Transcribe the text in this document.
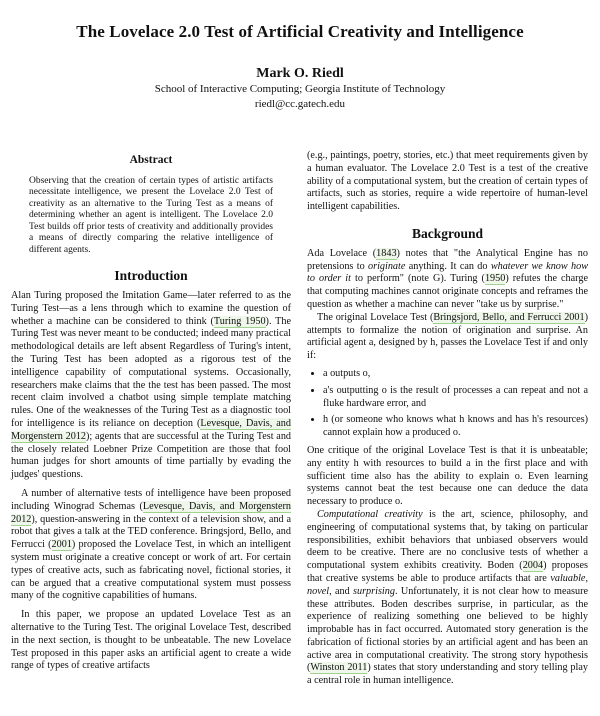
The Lovelace 2.0 Test of Artificial Creativity and Intelligence
Mark O. Riedl
School of Interactive Computing; Georgia Institute of Technology
riedl@cc.gatech.edu
Abstract

Observing that the creation of certain types of artistic artifacts necessitate intelligence, we present the Lovelace 2.0 Test of creativity as an alternative to the Turing Test as a means of determining whether an agent is intelligent. The Lovelace 2.0 Test builds off prior tests of creativity and additionally provides a means of directly comparing the relative intelligence of different agents.

Introduction

Alan Turing proposed the Imitation Game—later referred to as the Turing Test—as a lens through which to examine the question of whether a machine can be considered to think (Turing 1950). The Turing Test was never meant to be conducted; indeed many practical methodological details are left absent Regardless of Turing's intent, the Turing Test has been adopted as a rigorous test of the intelligence capability of computational systems. Occasionally, researchers make claims that the the test has been passed. The most recent claim involved a chatbot using simple template matching rules. One of the weaknesses of the Turing Test as a diagnostic tool for intelligence is its reliance on deception (Levesque, Davis, and Morgenstern 2012); agents that are successful at the Turing Test and the closely related Loebner Prize Competition are those that fool human judges for short amounts of time partially by evading the judges' questions.

A number of alternative tests of intelligence have been proposed including Winograd Schemas (Levesque, Davis, and Morgenstern 2012), question-answering in the context of a television show, and a robot that gives a talk at the TED conference. Bringsjord, Bello, and Ferrucci (2001) proposed the Lovelace Test, in which an intelligent system must originate a creative concept or work of art. For certain types of creative acts, such as fabricating novel, fictional stories, it can be argued that a creative computational system must possess many of the cognitive capabilities of humans.

In this paper, we propose an updated Lovelace Test as an alternative to the Turing Test. The original Lovelace Test, described in the next section, is thought to be unbeatable. The new Lovelace Test proposed in this paper asks an artificial agent to create a wide range of types of creative artifacts

(e.g., paintings, poetry, stories, etc.) that meet requirements given by a human evaluator. The Lovelace 2.0 Test is a test of the creative ability of a computational system, but the creation of certain types of artifacts, such as stories, require a wide repertoire of human-level intelligent capabilities.

Background

Ada Lovelace (1843) notes that "the Analytical Engine has no pretensions to originate anything. It can do whatever we know how to order it to perform" (note G). Turing (1950) refutes the charge that computing machines cannot originate concepts and reframes the question as whether a machine can never "take us by surprise."

The original Lovelace Test (Bringsjord, Bello, and Ferrucci 2001) attempts to formalize the notion of origination and surprise. An artificial agent a, designed by h, passes the Lovelace Test if and only if:

• a outputs o,
• a's outputting o is the result of processes a can repeat and not a fluke hardware error, and
• h (or someone who knows what h knows and has h's resources) cannot explain how a produced o.

One critique of the original Lovelace Test is that it is unbeatable; any entity h with resources to build a in the first place and with sufficient time also has the ability to explain o. Even learning systems cannot beat the test because one can deduce the data necessary to produce o.

Computational creativity is the art, science, philosophy, and engineering of computational systems that, by taking on particular responsibilities, exhibit behaviors that unbiased observers would deem to be creative. There are no conclusive tests of whether a computational system exhibits creativity. Boden (2004) proposes that creative systems be able to produce artifacts that are valuable, novel, and surprising. Unfortunately, it is not clear how to measure these attributes. Boden describes surprise, in particular, as the experience of realizing something one believed to be highly improbable has in fact occurred. Automated story generation is the fabrication of fictional stories by an artificial agent and has been an active area in computational creativity. The strong story hypothesis (Winston 2011) states that story understanding and story telling play a central role in human intelligence.
